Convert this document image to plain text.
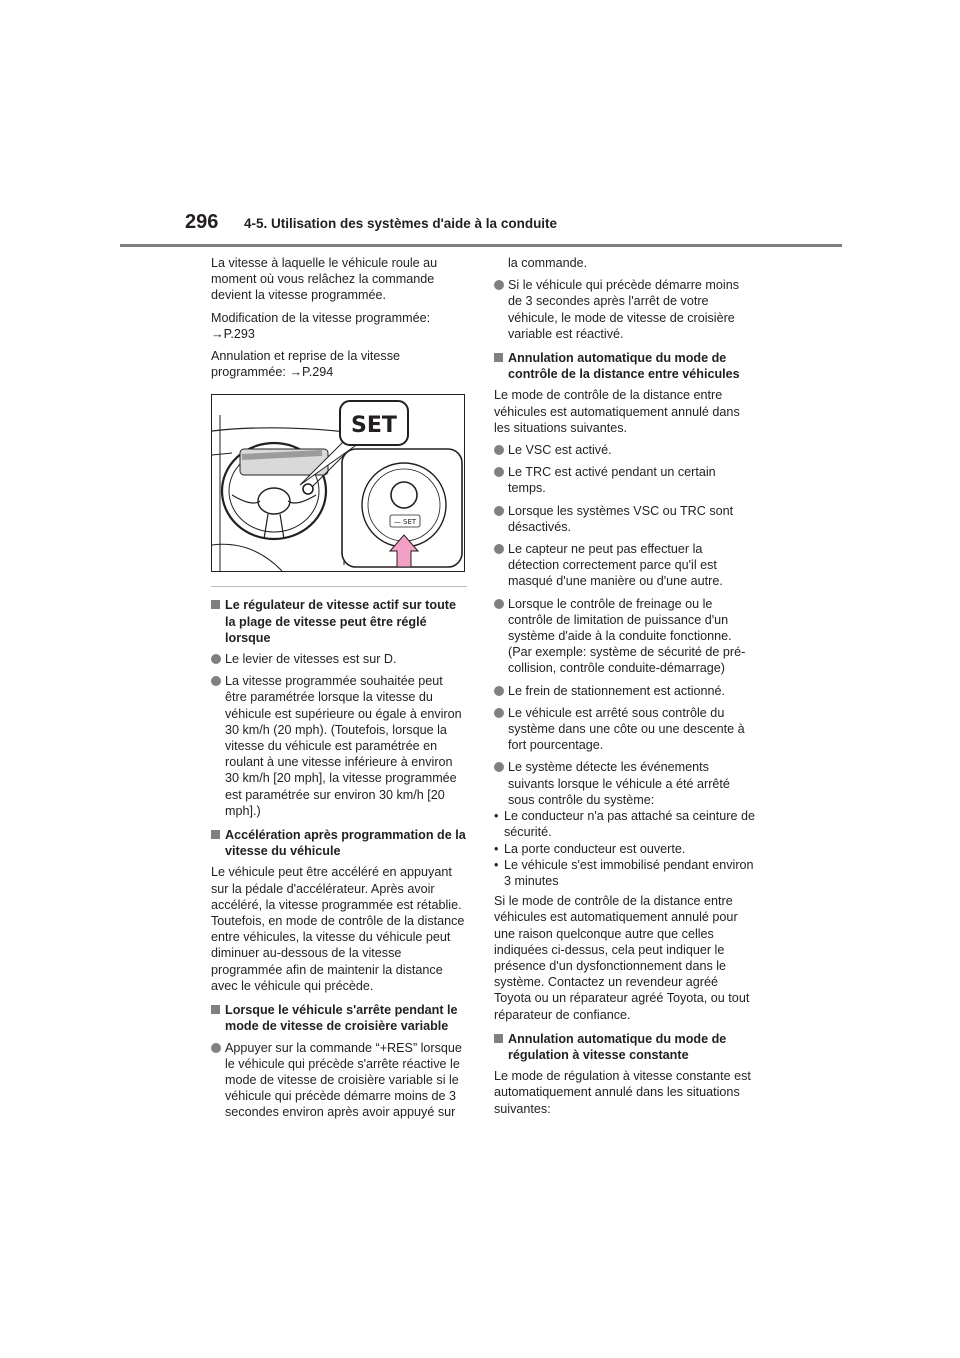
296 4-5. Utilisation des systèmes d'aide à la conduite

La vitesse à laquelle le véhicule roule au moment où vous relâchez la commande devient la vitesse programmée.

Modification de la vitesse programmée: →P.293

Annulation et reprise de la vitesse programmée: →P.294

SET
— SET
Le régulateur de vitesse actif sur toute la plage de vitesse peut être réglé lorsque
Le levier de vitesses est sur D.
La vitesse programmée souhaitée peut être paramétrée lorsque la vitesse du véhicule est supérieure ou égale à environ 30 km/h (20 mph). (Toutefois, lorsque la vitesse du véhicule est paramétrée en roulant à une vitesse inférieure à environ 30 km/h [20 mph], la vitesse programmée est paramétrée sur environ 30 km/h [20 mph].)
Accélération après programmation de la vitesse du véhicule

Le véhicule peut être accéléré en appuyant sur la pédale d'accélérateur. Après avoir accéléré, la vitesse programmée est rétablie. Toutefois, en mode de contrôle de la distance entre véhicules, la vitesse du véhicule peut diminuer au-dessous de la vitesse programmée afin de maintenir la distance avec le véhicule qui précède.

Lorsque le véhicule s'arrête pendant le mode de vitesse de croisière variable
Appuyer sur la commande “+RES” lorsque le véhicule qui précède s'arrête réactive le mode de vitesse de croisière variable si le véhicule qui précède démarre moins de 3 secondes environ après avoir appuyé sur

la commande.

Si le véhicule qui précède démarre moins de 3 secondes après l'arrêt de votre véhicule, le mode de vitesse de croisière variable est réactivé.
Annulation automatique du mode de contrôle de la distance entre véhicules

Le mode de contrôle de la distance entre véhicules est automatiquement annulé dans les situations suivantes.

Le VSC est activé.
Le TRC est activé pendant un certain temps.
Lorsque les systèmes VSC ou TRC sont désactivés.
Le capteur ne peut pas effectuer la détection correctement parce qu'il est masqué d'une manière ou d'une autre.
Lorsque le contrôle de freinage ou le contrôle de limitation de puissance d'un système d'aide à la conduite fonctionne. (Par exemple: système de sécurité de pré-collision, contrôle conduite-démarrage)
Le frein de stationnement est actionné.
Le véhicule est arrêté sous contrôle du système dans une côte ou une descente à fort pourcentage.
Le système détecte les événements suivants lorsque le véhicule a été arrêté sous contrôle du système:
• Le conducteur n'a pas attaché sa ceinture de sécurité.
• La porte conducteur est ouverte.
• Le véhicule s'est immobilisé pendant environ 3 minutes

Si le mode de contrôle de la distance entre véhicules est automatiquement annulé pour une raison quelconque autre que celles indiquées ci-dessus, cela peut indiquer le présence d'un dysfonctionnement dans le système. Contactez un revendeur agréé Toyota ou un réparateur agréé Toyota, ou tout réparateur de confiance.

Annulation automatique du mode de régulation à vitesse constante

Le mode de régulation à vitesse constante est automatiquement annulé dans les situations suivantes:
